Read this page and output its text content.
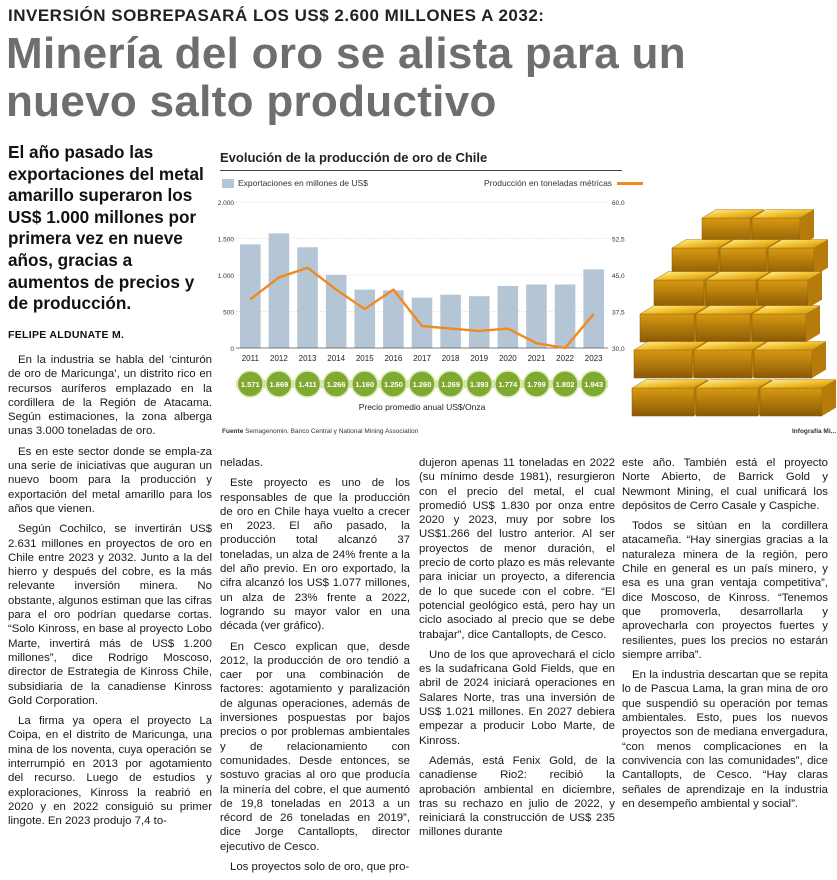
INVERSIÓN SOBREPASARÁ LOS US$ 2.600 MILLONES A 2032:
Minería del oro se alista para un nuevo salto productivo
El año pasado las exportaciones del metal amarillo superaron los US$ 1.000 millones por primera vez en nueve años, gracias a aumentos de precios y de producción.
FELIPE ALDUNATE M.

En la industria se habla del ‘cinturón de oro de Maricunga’, un distrito rico en recursos auríferos emplazado en la cordillera de la Región de Atacama. Según estimaciones, la zona alberga unas 3.000 toneladas de oro.

Es en este sector donde se empla-za una serie de iniciativas que auguran un nuevo boom para la producción y exportación del metal amarillo para los años que vienen.

Según Cochilco, se invertirán US$ 2.631 millones en proyectos de oro en Chile entre 2023 y 2032. Junto a la del hierro y después del cobre, es la más relevante inversión minera. No obstante, algunos estiman que las cifras para el oro podrían quedarse cortas. “Solo Kinross, en base al proyecto Lobo Marte, invertirá más de US$ 1.200 millones”, dice Rodrigo Moscoso, director de Estrategia de Kinross Chile, subsidiaria de la canadiense Kinross Gold Corporation.

La firma ya opera el proyecto La Coipa, en el distrito de Maricunga, una mina de los noventa, cuya operación se interrumpió en 2013 por agotamiento del recurso. Luego de estudios y exploraciones, Kinross la reabrió en 2020 y en 2022 consiguió su primer lingote. En 2023 produjo 7,4 to-

neladas.

Este proyecto es uno de los responsables de que la producción de oro en Chile haya vuelto a crecer en 2023. El año pasado, la producción total alcanzó 37 toneladas, un alza de 24% frente a la del año previo. En oro exportado, la cifra alcanzó los US$ 1.077 millones, un alza de 23% frente a 2022, logrando su mayor valor en una década (ver gráfico).

En Cesco explican que, desde 2012, la producción de oro tendió a caer por una combinación de factores: agotamiento y paralización de algunas operaciones, además de inversiones pospuestas por bajos precios o por problemas ambientales y de relacionamiento con comunidades. Desde entonces, se sostuvo gracias al oro que producía la minería del cobre, el que aumentó de 19,8 toneladas en 2013 a un récord de 26 toneladas en 2019”, dice Jorge Cantallopts, director ejecutivo de Cesco.

Los proyectos solo de oro, que pro-

dujeron apenas 11 toneladas en 2022 (su mínimo desde 1981), resurgieron con el precio del metal, el cual promedió US$ 1.830 por onza entre 2020 y 2023, muy por sobre los US$1.266 del lustro anterior. Al ser proyectos de menor duración, el precio de corto plazo es más relevante para iniciar un proyecto, a diferencia de lo que sucede con el cobre. “El potencial geológico está, pero hay un ciclo asociado al precio que se debe trabajar”, dice Cantallopts, de Cesco.

Uno de los que aprovechará el ciclo es la sudafricana Gold Fields, que en abril de 2024 iniciará operaciones en Salares Norte, tras una inversión de US$ 1.021 millones. En 2027 debiera empezar a producir Lobo Marte, de Kinross.

Además, está Fenix Gold, de la canadiense Rio2: recibió la aprobación ambiental en diciembre, tras su rechazo en julio de 2022, y reiniciará la construcción de US$ 235 millones durante

este año. También está el proyecto Norte Abierto, de Barrick Gold y Newmont Mining, el cual unificará los depósitos de Cerro Casale y Caspiche.

Todos se sitúan en la cordillera atacameña. “Hay sinergias gracias a la naturaleza minera de la región, pero Chile en general es un país minero, y esa es una gran ventaja competitiva”, dice Moscoso, de Kinross. “Tenemos que promoverla, desarrollarla y aprovecharla con proyectos fuertes y resilientes, pues los precios no estarán siempre arriba”.

En la industria descartan que se repita lo de Pascua Lama, la gran mina de oro que suspendió su operación por temas ambientales. Esto, pues los nuevos proyectos son de mediana envergadura, “con menos complicaciones en la convivencia con las comunidades”, dice Cantallopts, de Cesco. “Hay claras señales de aprendizaje en la industria en desempeño ambiental y social”.

Evolución de la producción de oro de Chile
Exportaciones en millones de US$	Producción en toneladas métricas
2.000
1.500
1.000
500
0
60,0
52,5
45,0
37,5
30,0
2011 2012 2013 2014 2015 2016 2017 2018 2019 2020 2021 2022 2023
1.571 1.669 1.411 1.266 1.160 1.250 1.260 1.269 1.393 1.774 1.799 1.802 1.943
Precio promedio anual US$/Onza
Fuente Semagenomin, Banco Central y National Mining Association	Infografía Mi...
